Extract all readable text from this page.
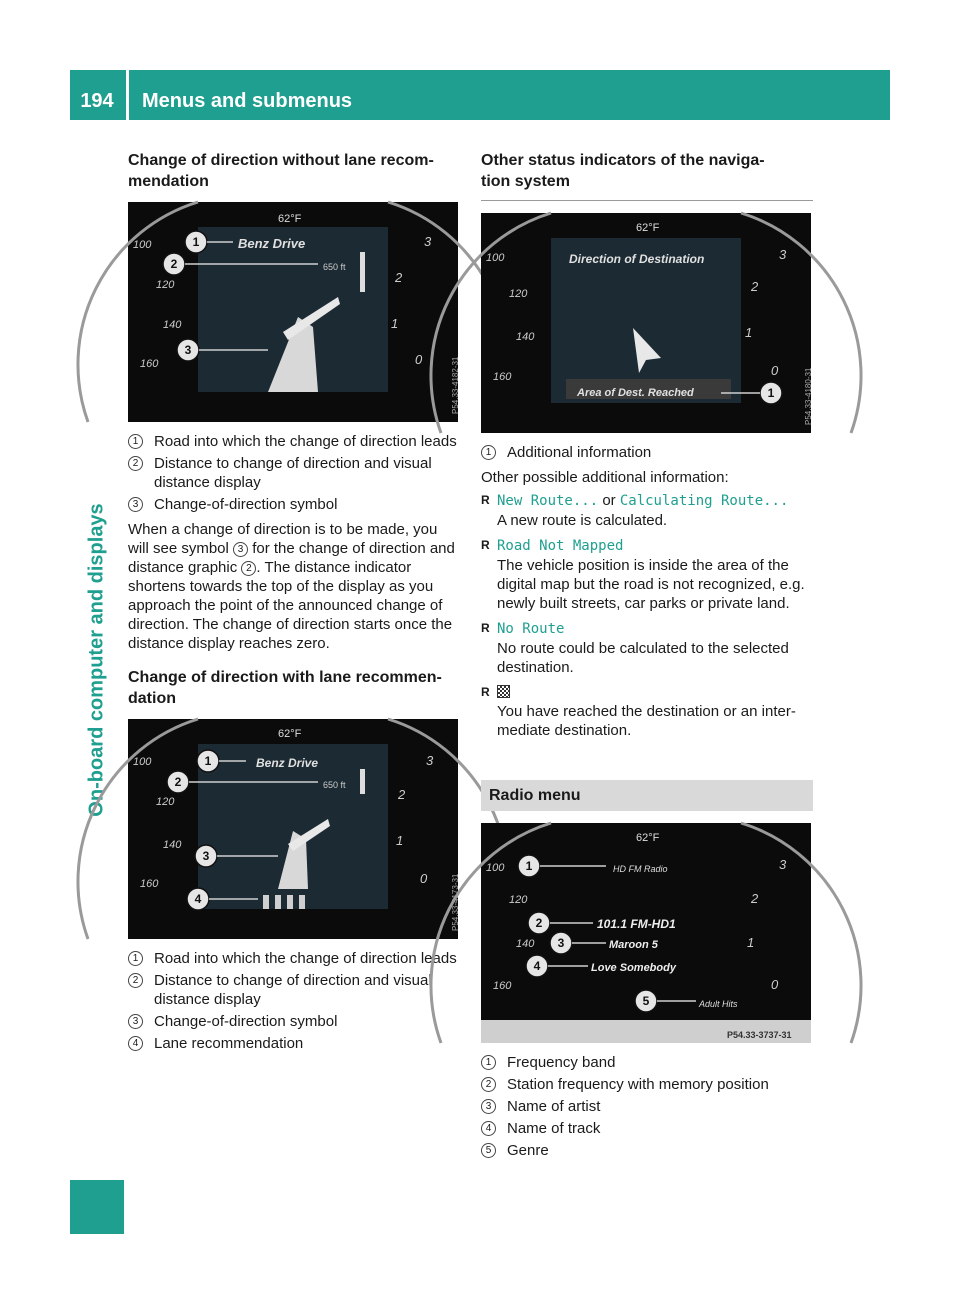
194	Menus and submenus
On-board computer and displays
Change of direction without lane recom-
mendation
1
2
3
62°F
Benz Drive
650 ft
100
120
140
160
3
2
1
0	P54.33-4182-31
1	Road into which the change of direction leads
2	Distance to change of direction and visual distance display
3	Change-of-direction symbol

When a change of direction is to be made, you will see symbol 3 for the change of direction and distance graphic 2 . The distance indicator shortens towards the top of the display as you approach the point of the announced change of direction. The change of direction starts once the distance display reaches zero.

Change of direction with lane recommen-
dation
1
2
3
4
62°F
Benz Drive
650 ft
100
120
140
160
3
2
1
0	P54.33-4173-31
1	Road into which the change of direction leads
2	Distance to change of direction and visual distance display
3	Change-of-direction symbol
4	Lane recommendation
Other status indicators of the naviga-
tion system
1
62°F
Direction of Destination
Area of Dest. Reached
100
120
140
160
3
2
1
0	P54.33-4180-31
1	Additional information

Other possible additional information:

R New Route... or Calculating Route...
A new route is calculated.
R Road Not Mapped
The vehicle position is inside the area of the digital map but the road is not recognized, e.g. newly built streets, car parks or private land.
R No Route
No route could be calculated to the selected destination.

R You have reached the destination or an inter-mediate destination.
Radio menu
1
2
3
4
5
62°F
HD FM Radio
101.1 FM-HD1
Maroon 5
Love Somebody
Adult Hits
100
120
140
160
3
2
1
0
P54.33-3737-31
1	Frequency band
2	Station frequency with memory position
3	Name of artist
4	Name of track
5	Genre
